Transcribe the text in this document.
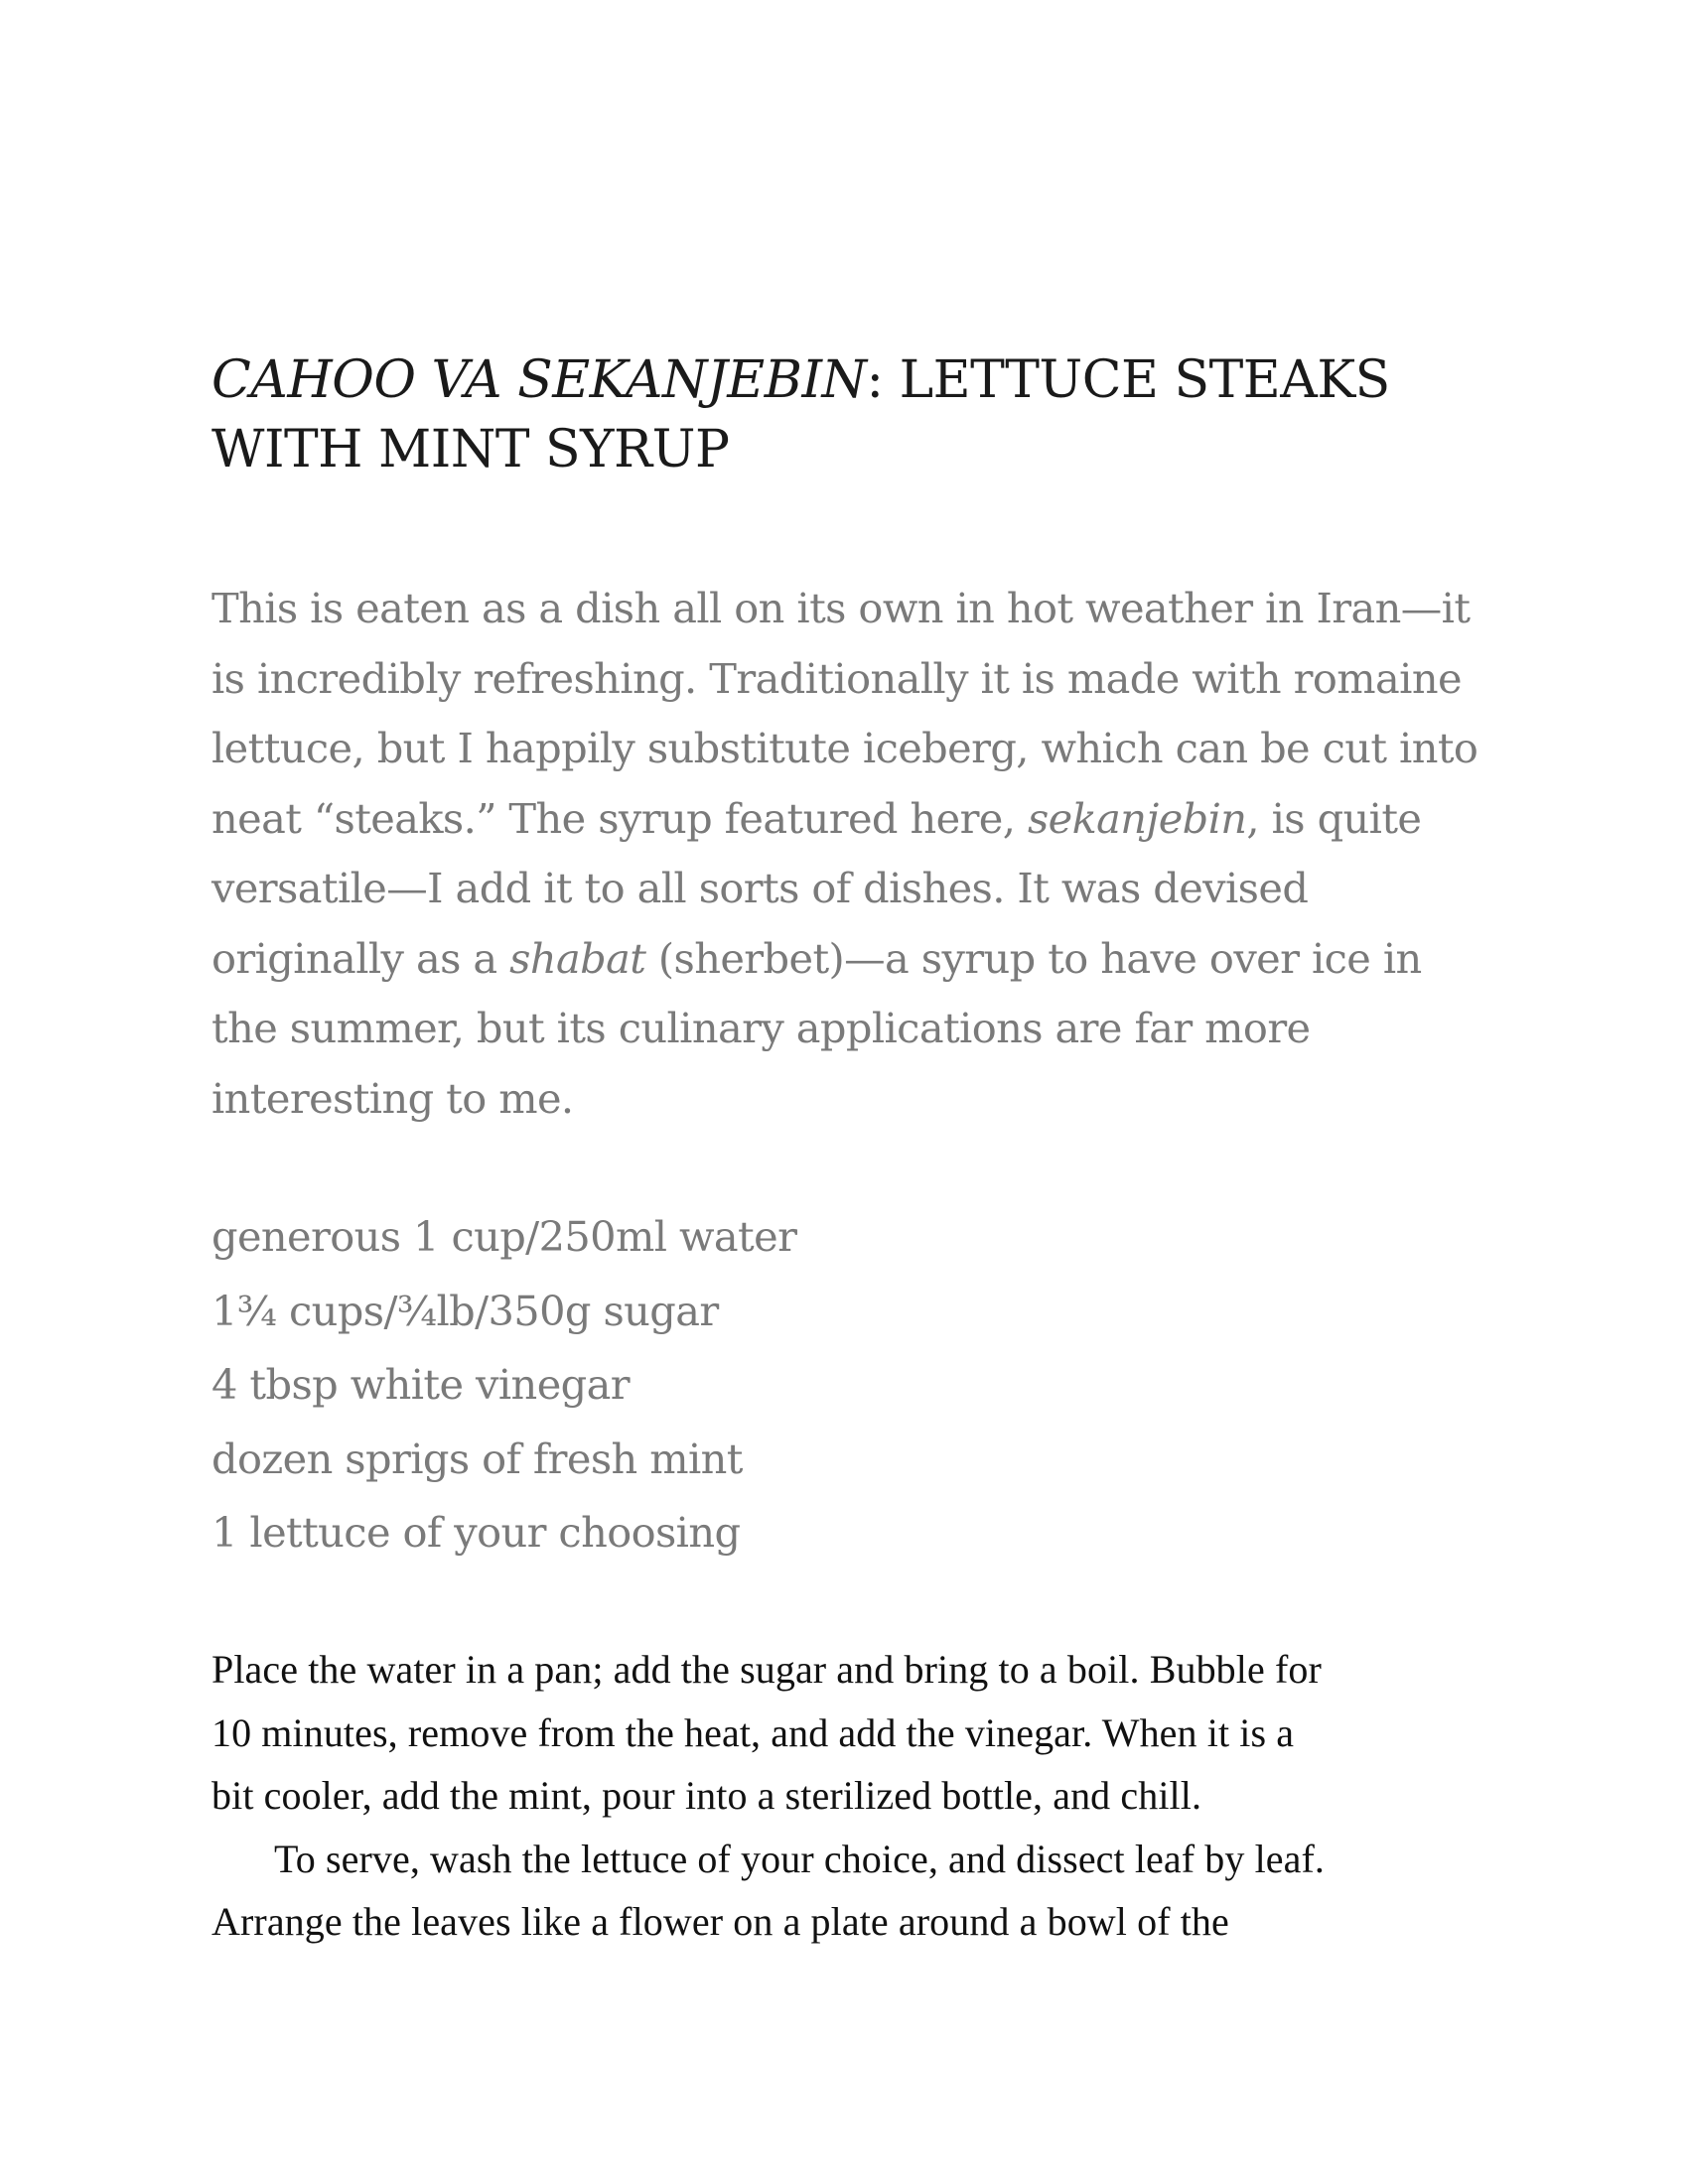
CAHOO VA SEKANJEBIN: LETTUCE STEAKS
WITH MINT SYRUP

This is eaten as a dish all on its own in hot weather in Iran—it
is incredibly refreshing. Traditionally it is made with romaine
lettuce, but I happily substitute iceberg, which can be cut into
neat “steaks.” The syrup featured here, sekanjebin, is quite
versatile—I add it to all sorts of dishes. It was devised
originally as a shabat (sherbet)—a syrup to have over ice in
the summer, but its culinary applications are far more
interesting to me.

generous 1 cup/250ml water
1¾ cups/¾lb/350g sugar
4 tbsp white vinegar
dozen sprigs of fresh mint
1 lettuce of your choosing

Place the water in a pan; add the sugar and bring to a boil. Bubble for
10 minutes, remove from the heat, and add the vinegar. When it is a
bit cooler, add the mint, pour into a sterilized bottle, and chill.

To serve, wash the lettuce of your choice, and dissect leaf by leaf.
Arrange the leaves like a flower on a plate around a bowl of the
